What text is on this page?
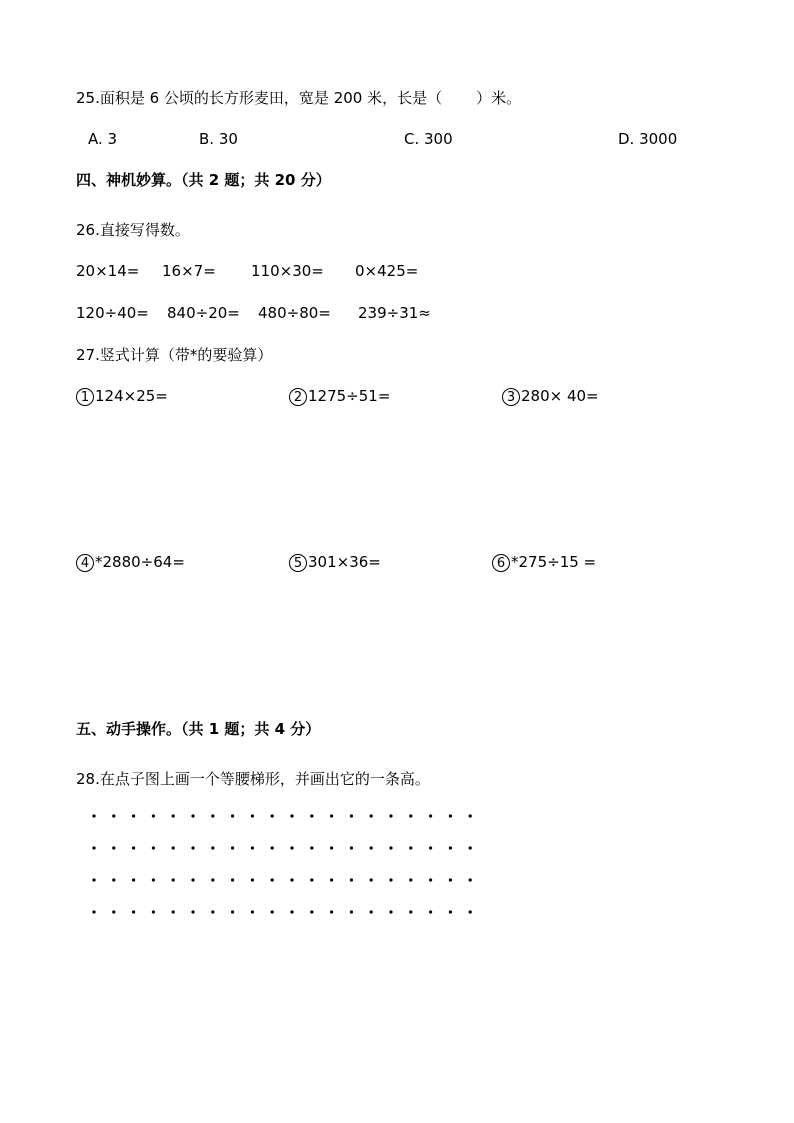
25.面积是 6 公顷的长方形麦田，宽是 200 米，长是（ ）米。
A. 3	B. 30	C. 300	D. 3000
四、神机妙算。（共 2 题；共 20 分）
26.直接写得数。
20×14= 16×7= 110×30= 0×425=
120÷40= 840÷20= 480÷80= 239÷31≈
27.竖式计算（带*的要验算）
1 124×25=	2 1275÷51=	3 280× 40=
4 *2880÷64=	5 301×36=	6 *275÷15 =
五、动手操作。（共 1 题；共 4 分）
28.在点子图上画一个等腰梯形，并画出它的一条高。
